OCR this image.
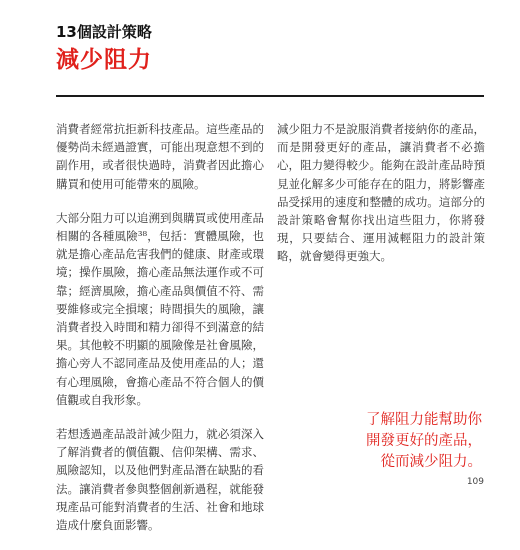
13個設計策略
減少阻力

消費者經常抗拒新科技產品。這些產品的優勢尚未經過證實，可能出現意想不到的副作用，或者很快過時，消費者因此擔心購買和使用可能帶來的風險。

大部分阻力可以追溯到與購買或使用產品相關的各種風險³⁸，包括：實體風險，也就是擔心產品危害我們的健康、財產或環境；操作風險，擔心產品無法運作或不可靠；經濟風險，擔心產品與價值不符、需要維修或完全損壞；時間損失的風險，讓消費者投入時間和精力卻得不到滿意的結果。其他較不明顯的風險像是社會風險，擔心旁人不認同產品及使用產品的人；還有心理風險，會擔心產品不符合個人的價值觀或自我形象。

若想透過產品設計減少阻力，就必須深入了解消費者的價值觀、信仰架構、需求、風險認知，以及他們對產品潛在缺點的看法。讓消費者參與整個創新過程，就能發現產品可能對消費者的生活、社會和地球造成什麼負面影響。

減少阻力不是說服消費者接納你的產品，而是開發更好的產品，讓消費者不必擔心，阻力變得較少。能夠在設計產品時預見並化解多少可能存在的阻力，將影響產品受採用的速度和整體的成功。這部分的設計策略會幫你找出這些阻力，你將發現，只要結合、運用減輕阻力的設計策略，就會變得更強大。

了解阻力能幫助你
開發更好的產品，
從而減少阻力。
109
